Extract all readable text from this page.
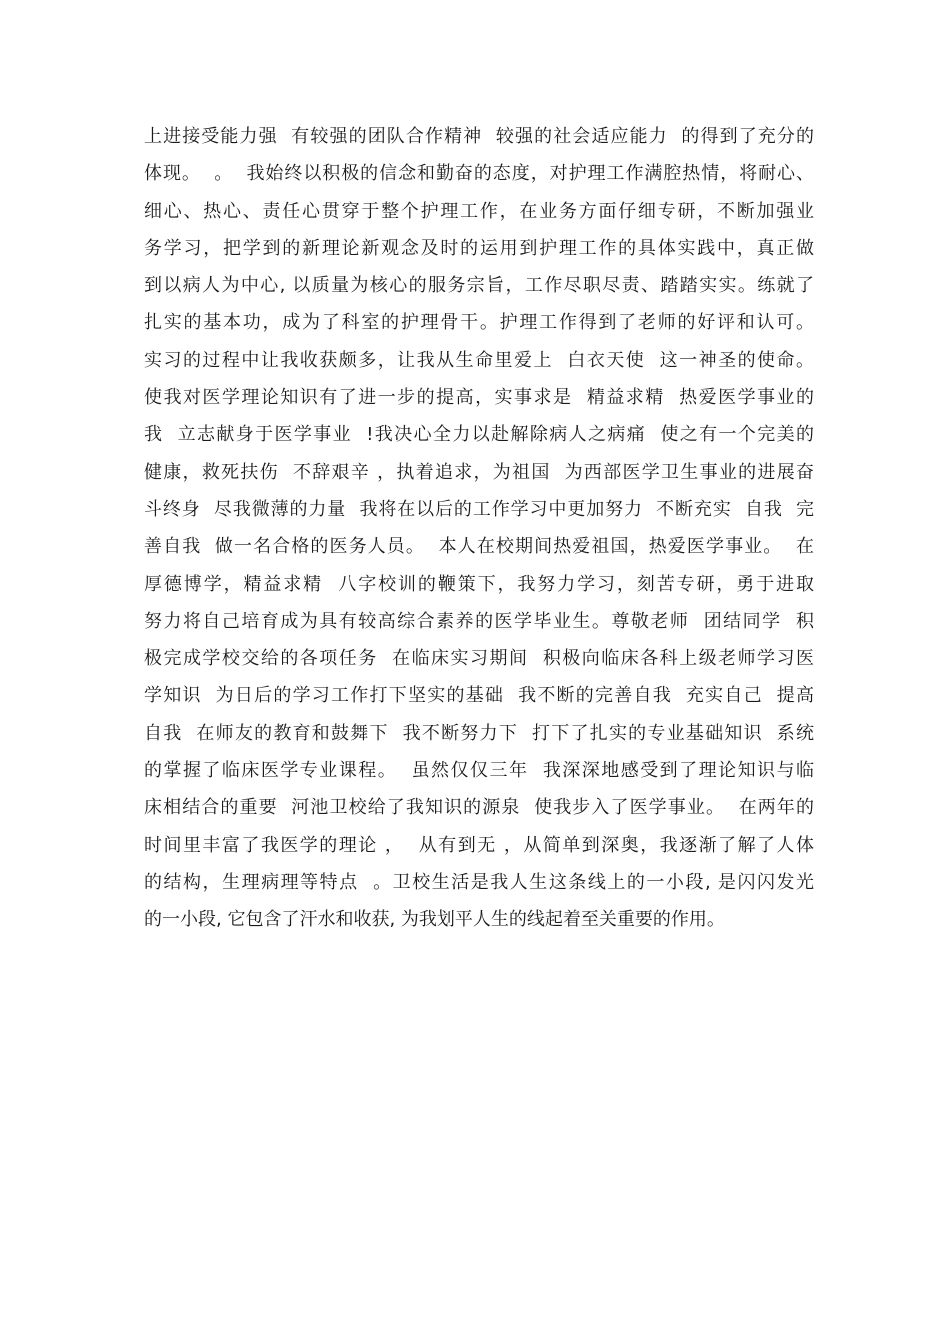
上进接受能力强  有较强的团队合作精神  较强的社会适应能力  的得到了充分的
体现。  。  我始终以积极的信念和勤奋的态度，对护理工作满腔热情，将耐心、
细心、热心、责任心贯穿于整个护理工作，在业务方面仔细专研，不断加强业
务学习，把学到的新理论新观念及时的运用到护理工作的具体实践中，真正做
到以病人为中心, 以质量为核心的服务宗旨，工作尽职尽责、踏踏实实。练就了
扎实的基本功，成为了科室的护理骨干。护理工作得到了老师的好评和认可。
实习的过程中让我收获颇多，让我从生命里爱上  白衣天使  这一神圣的使命。
使我对医学理论知识有了进一步的提高，实事求是  精益求精  热爱医学事业的
我  立志献身于医学事业  !我决心全力以赴解除病人之病痛  使之有一个完美的
健康，救死扶伤  不辞艰辛 ，执着追求，为祖国  为西部医学卫生事业的进展奋
斗终身  尽我微薄的力量  我将在以后的工作学习中更加努力  不断充实  自我  完
善自我  做一名合格的医务人员。  本人在校期间热爱祖国，热爱医学事业。  在
厚德博学，精益求精  八字校训的鞭策下，我努力学习，刻苦专研，勇于进取
努力将自己培育成为具有较高综合素养的医学毕业生。尊敬老师  团结同学  积
极完成学校交给的各项任务  在临床实习期间  积极向临床各科上级老师学习医
学知识  为日后的学习工作打下坚实的基础  我不断的完善自我  充实自己  提高
自我  在师友的教育和鼓舞下  我不断努力下  打下了扎实的专业基础知识  系统
的掌握了临床医学专业课程。  虽然仅仅三年  我深深地感受到了理论知识与临
床相结合的重要  河池卫校给了我知识的源泉  使我步入了医学事业。  在两年的
时间里丰富了我医学的理论 ，  从有到无 ，从简单到深奥，我逐渐了解了人体
的结构，生理病理等特点  。卫校生活是我人生这条线上的一小段, 是闪闪发光
的一小段, 它包含了汗水和收获, 为我划平人生的线起着至关重要的作用。
